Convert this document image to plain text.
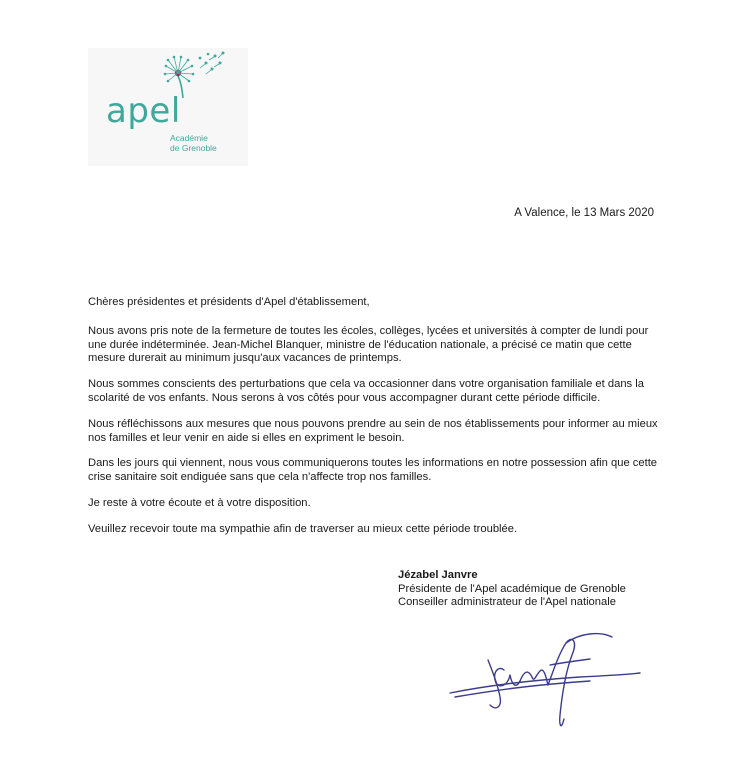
apel
Académie
de Grenoble
A Valence, le 13 Mars 2020

Chères présidentes et présidents d'Apel d'établissement,

Nous avons pris note de la fermeture de toutes les écoles, collèges, lycées et universités à compter de lundi pour une durée indéterminée. Jean-Michel Blanquer, ministre de l'éducation nationale, a précisé ce matin que cette mesure durerait au minimum jusqu'aux vacances de printemps.

Nous sommes conscients des perturbations que cela va occasionner dans votre organisation familiale et dans la scolarité de vos enfants. Nous serons à vos côtés pour vous accompagner durant cette période difficile.

Nous réfléchissons aux mesures que nous pouvons prendre au sein de nos établissements pour informer au mieux nos familles et leur venir en aide si elles en expriment le besoin.

Dans les jours qui viennent, nous vous communiquerons toutes les informations en notre possession afin que cette crise sanitaire soit endiguée sans que cela n'affecte trop nos familles.

Je reste à votre écoute et à votre disposition.

Veuillez recevoir toute ma sympathie afin de traverser au mieux cette période troublée.

Jézabel Janvre
Présidente de l'Apel académique de Grenoble
Conseiller administrateur de l'Apel nationale
